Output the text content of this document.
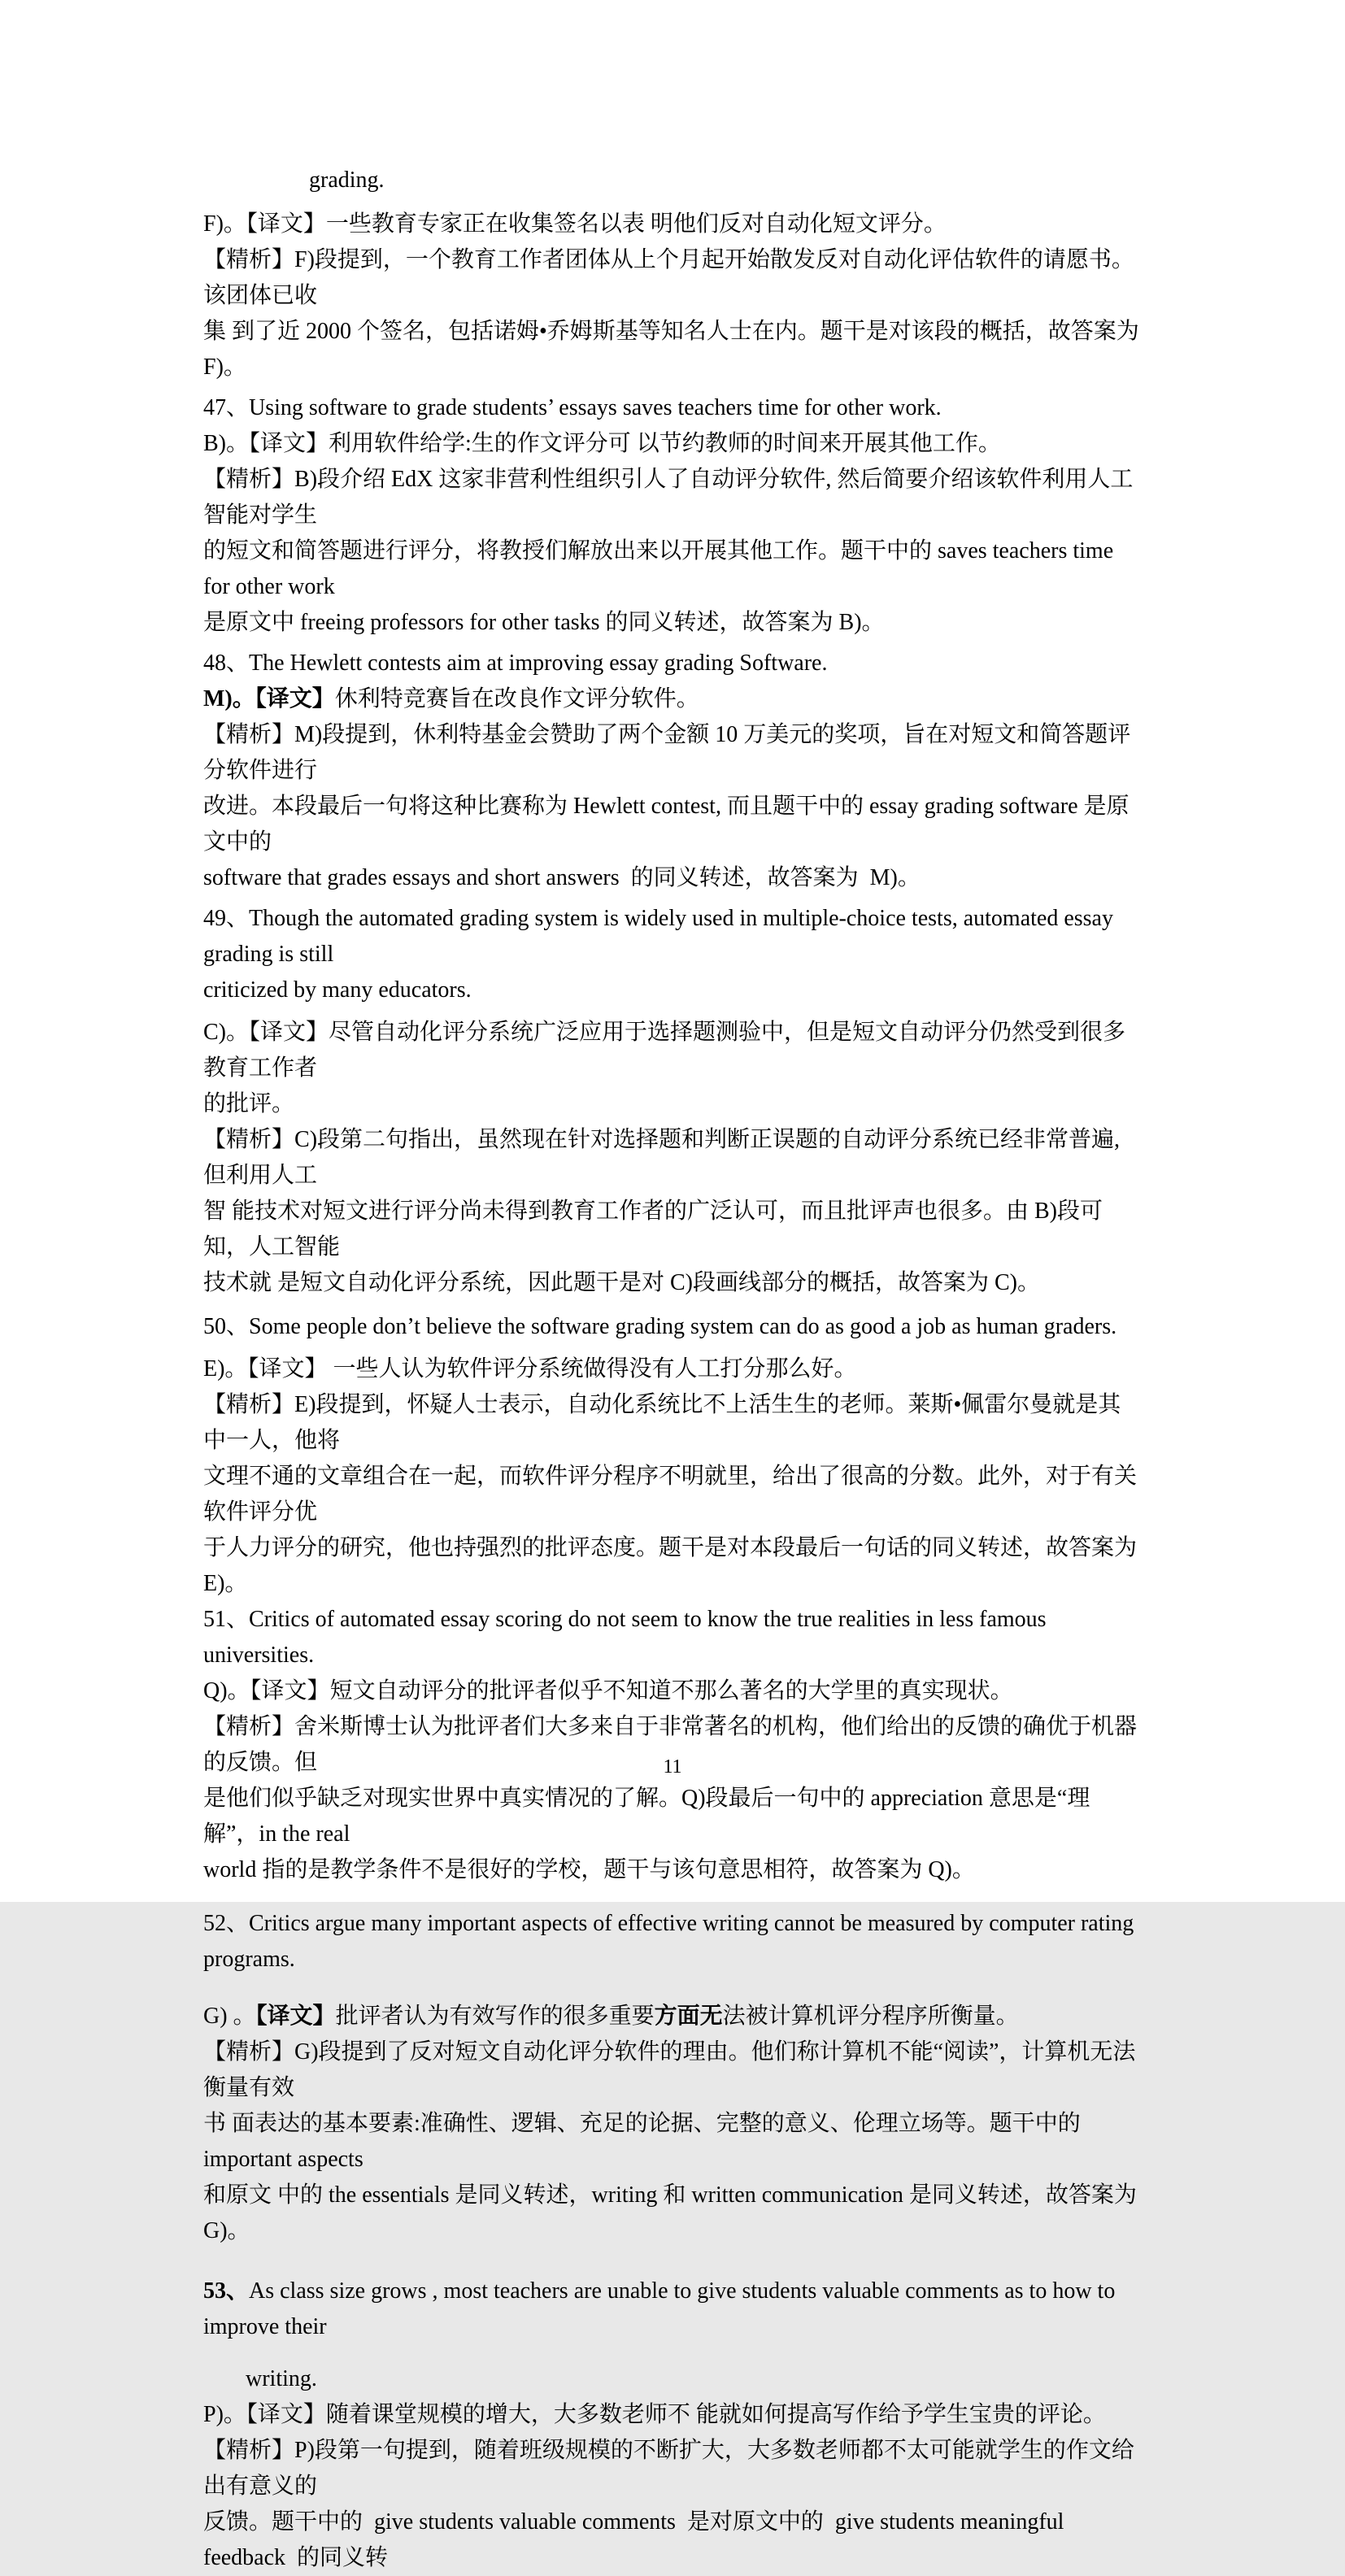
grading.
F)。【译文】一些教育专家正在收集签名以表 明他们反对自动化短文评分。
【精析】F)段提到，一个教育工作者团体从上个月起开始散发反对自动化评估软件的请愿书。该团体已收
集 到了近 2000 个签名，包括诺姆•乔姆斯基等知名人士在内。题干是对该段的概括，故答案为 F)。
47、Using software to grade students’ essays saves teachers time for other work.
B)。【译文】利用软件给学:生的作文评分可 以节约教师的时间来开展其他工作。
【精析】B)段介绍 EdX 这家非营利性组织引人了自动评分软件, 然后简要介绍该软件利用人工智能对学生
的短文和简答题进行评分，将教授们解放出来以开展其他工作。题干中的 saves teachers time for other work
是原文中 freeing professors for other tasks 的同义转述，故答案为 B)。
48、The Hewlett contests aim at improving essay grading Software.
M)。【译文】休利特竞赛旨在改良作文评分软件。
【精析】M)段提到，休利特基金会赞助了两个金额 10 万美元的奖项，旨在对短文和简答题评分软件进行
改进。本段最后一句将这种比赛称为 Hewlett contest, 而且题干中的 essay grading software 是原文中的
software that grades essays and short answers  的同义转述，故答案为  M)。
49、Though the automated grading system is widely used in multiple-choice tests, automated essay grading is still
criticized by many educators.
C)。【译文】尽管自动化评分系统广泛应用于选择题测验中，但是短文自动评分仍然受到很多教育工作者
的批评。
【精析】C)段第二句指出，虽然现在针对选择题和判断正误题的自动评分系统已经非常普遍, 但利用人工
智 能技术对短文进行评分尚未得到教育工作者的广泛认可，而且批评声也很多。由 B)段可知，人工智能
技术就 是短文自动化评分系统，因此题干是对 C)段画线部分的概括，故答案为 C)。
50、Some people don’t believe the software grading system can do as good a job as human graders.
E)。【译文】 一些人认为软件评分系统做得没有人工打分那么好。
【精析】E)段提到，怀疑人士表示，自动化系统比不上活生生的老师。莱斯•佩雷尔曼就是其中一人，他将
文理不通的文章组合在一起，而软件评分程序不明就里，给出了很高的分数。此外，对于有关软件评分优
于人力评分的研究，他也持强烈的批评态度。题干是对本段最后一句话的同义转述，故答案为 E)。
51、Critics of automated essay scoring do not seem to know the true realities in less famous universities.
Q)。【译文】短文自动评分的批评者似乎不知道不那么著名的大学里的真实现状。
【精析】舍米斯博士认为批评者们大多来自于非常著名的机构，他们给出的反馈的确优于机器的反馈。但
是他们似乎缺乏对现实世界中真实情况的了解。Q)段最后一句中的 appreciation 意思是“理解”，in the real
world 指的是教学条件不是很好的学校，题干与该句意思相符，故答案为 Q)。
52、Critics argue many important aspects of effective writing cannot be measured by computer rating programs.
G) 。【译文】批评者认为有效写作的很多重要方面无法被计算机评分程序所衡量。
【精析】G)段提到了反对短文自动化评分软件的理由。他们称计算机不能“阅读”，计算机无法衡量有效
书 面表达的基本要素:准确性、逻辑、充足的论据、完整的意义、伦理立场等。题干中的 important aspects
和原文 中的 the essentials 是同义转述，writing 和 written communication 是同义转述，故答案为 G)。
53、As class size grows , most teachers are unable to give students valuable comments as to how to improve their
writing.
P)。【译文】随着课堂规模的增大，大多数老师不 能就如何提高写作给予学生宝贵的评论。
【精析】P)段第一句提到，随着班级规模的不断扩大，大多数老师都不太可能就学生的作文给出有意义的
反馈。题干中的  give students valuable comments  是对原文中的  give students meaningful feedback  的同义转
11
